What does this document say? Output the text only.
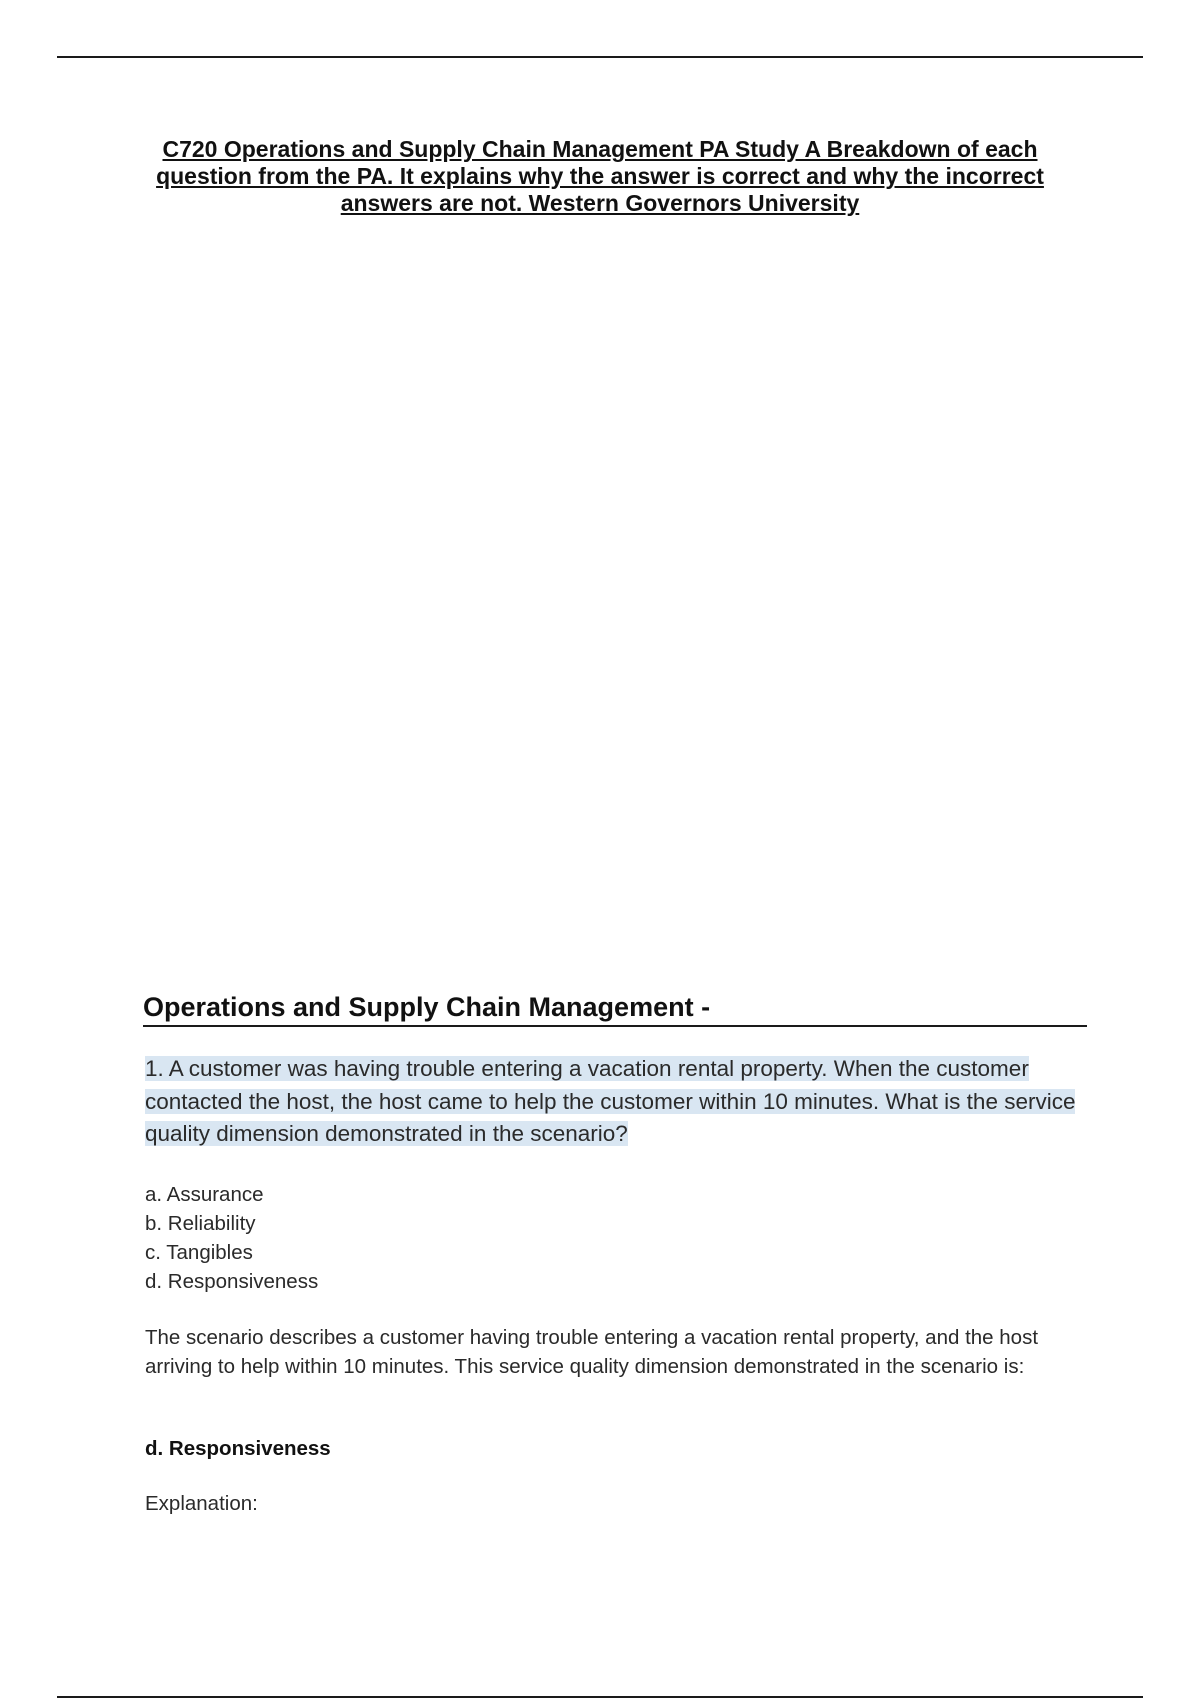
C720 Operations and Supply Chain Management PA Study A Breakdown of each question from the PA. It explains why the answer is correct and why the incorrect answers are not. Western Governors University
Operations and Supply Chain Management -

1. A customer was having trouble entering a vacation rental property. When the customer contacted the host, the host came to help the customer within 10 minutes. What is the service quality dimension demonstrated in the scenario?

a. Assurance
b. Reliability
c. Tangibles
d. Responsiveness

The scenario describes a customer having trouble entering a vacation rental property, and the host arriving to help within 10 minutes. This service quality dimension demonstrated in the scenario is:

d. Responsiveness

Explanation:
